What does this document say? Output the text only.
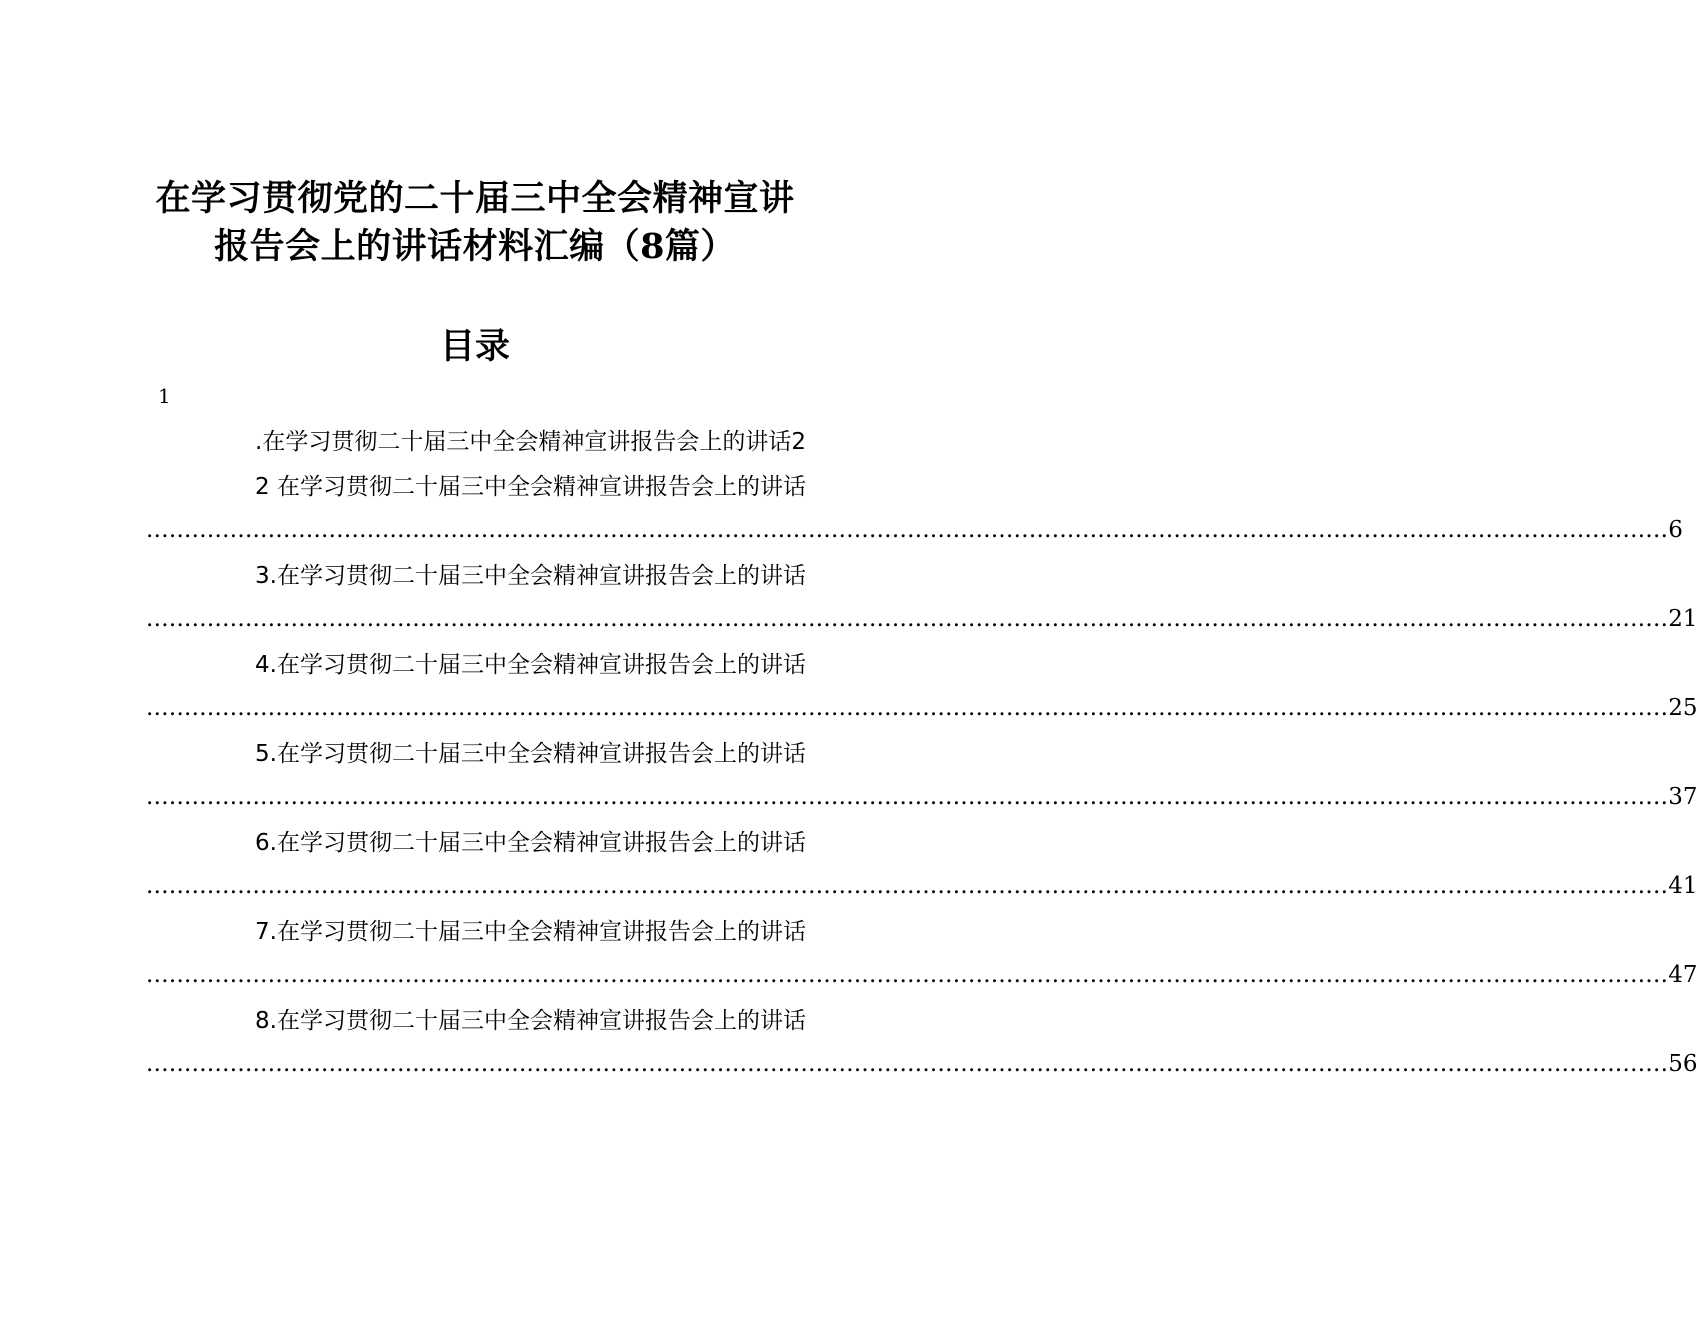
在学习贯彻党的二十届三中全会精神宣讲
报告会上的讲话材料汇编（8篇）
目录
1
.在学习贯彻二十届三中全会精神宣讲报告会上的讲话2
2 在学习贯彻二十届三中全会精神宣讲报告会上的讲话
........................................................................................................................................................................................................ 6
3.在学习贯彻二十届三中全会精神宣讲报告会上的讲话
........................................................................................................................................................................................................ 21
4.在学习贯彻二十届三中全会精神宣讲报告会上的讲话
........................................................................................................................................................................................................ 25
5.在学习贯彻二十届三中全会精神宣讲报告会上的讲话
........................................................................................................................................................................................................ 37
6.在学习贯彻二十届三中全会精神宣讲报告会上的讲话
........................................................................................................................................................................................................ 41
7.在学习贯彻二十届三中全会精神宣讲报告会上的讲话
........................................................................................................................................................................................................ 47
8.在学习贯彻二十届三中全会精神宣讲报告会上的讲话
........................................................................................................................................................................................................ 56
